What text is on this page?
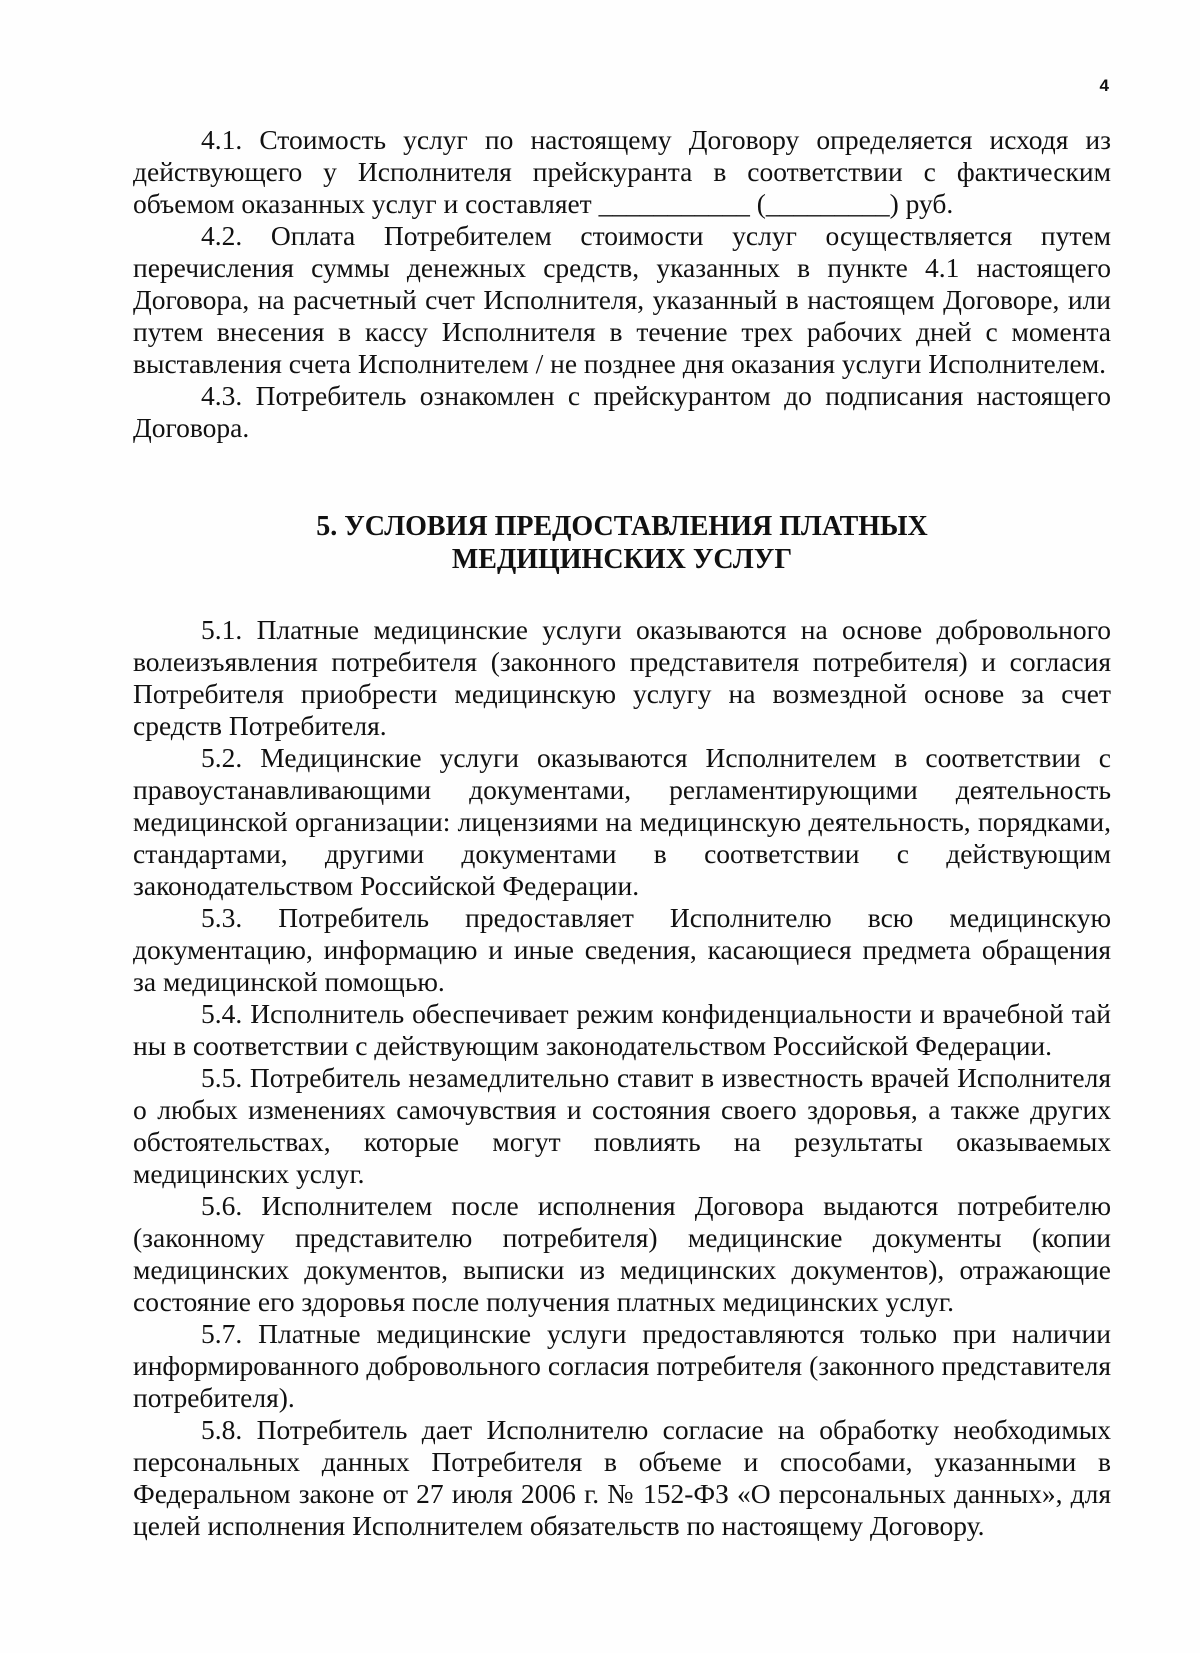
4

4.1. Стоимость услуг по настоящему Договору определяется исходя из действующего у Исполнителя прейскуранта в соответствии с фактическим объемом оказанных услуг и составляет ___________ (_________) руб.

4.2. Оплата Потребителем стоимости услуг осуществляется путем перечисления суммы денежных средств, указанных в пункте 4.1 настоящего Договора, на расчетный счет Исполнителя, указанный в настоящем Договоре, или путем внесения в кассу Исполнителя в течение трех рабочих дней с момента выставления счета Исполнителем / не позднее дня оказания услуги Исполнителем.

4.3. Потребитель ознакомлен с прейскурантом до подписания настоящего Договора.

5. УСЛОВИЯ ПРЕДОСТАВЛЕНИЯ ПЛАТНЫХ
МЕДИЦИНСКИХ УСЛУГ

5.1. Платные медицинские услуги оказываются на основе добровольного волеизъявления потребителя (законного представителя потребителя) и согласия Потребителя приобрести медицинскую услугу на возмездной основе за счет средств Потребителя.

5.2. Медицинские услуги оказываются Исполнителем в соответствии с правоустанавливающими документами, регламентирующими деятельность медицинской организации: лицензиями на медицинскую деятельность, порядками, стандартами, другими документами в соответствии с действующим законодательством Российской Федерации.

5.3. Потребитель предоставляет Исполнителю всю медицинскую документацию, информацию и иные сведения, касающиеся предмета обращения за медицинской помощью.

5.4. Исполнитель обеспечивает режим конфиденциальности и врачебной тай ны в соответствии с действующим законодательством Российской Федерации.

5.5. Потребитель незамедлительно ставит в известность врачей Исполнителя о любых изменениях самочувствия и состояния своего здоровья, а также других обстоятельствах, которые могут повлиять на результаты оказываемых медицинских услуг.

5.6. Исполнителем после исполнения Договора выдаются потребителю (законному представителю потребителя) медицинские документы (копии медицинских документов, выписки из медицинских документов), отражающие состояние его здоровья после получения платных медицинских услуг.

5.7. Платные медицинские услуги предоставляются только при наличии информированного добровольного согласия потребителя (законного представителя потребителя).

5.8. Потребитель дает Исполнителю согласие на обработку необходимых персональных данных Потребителя в объеме и способами, указанными в Федеральном законе от 27 июля 2006 г. № 152-ФЗ «О персональных данных», для целей исполнения Исполнителем обязательств по настоящему Договору.
